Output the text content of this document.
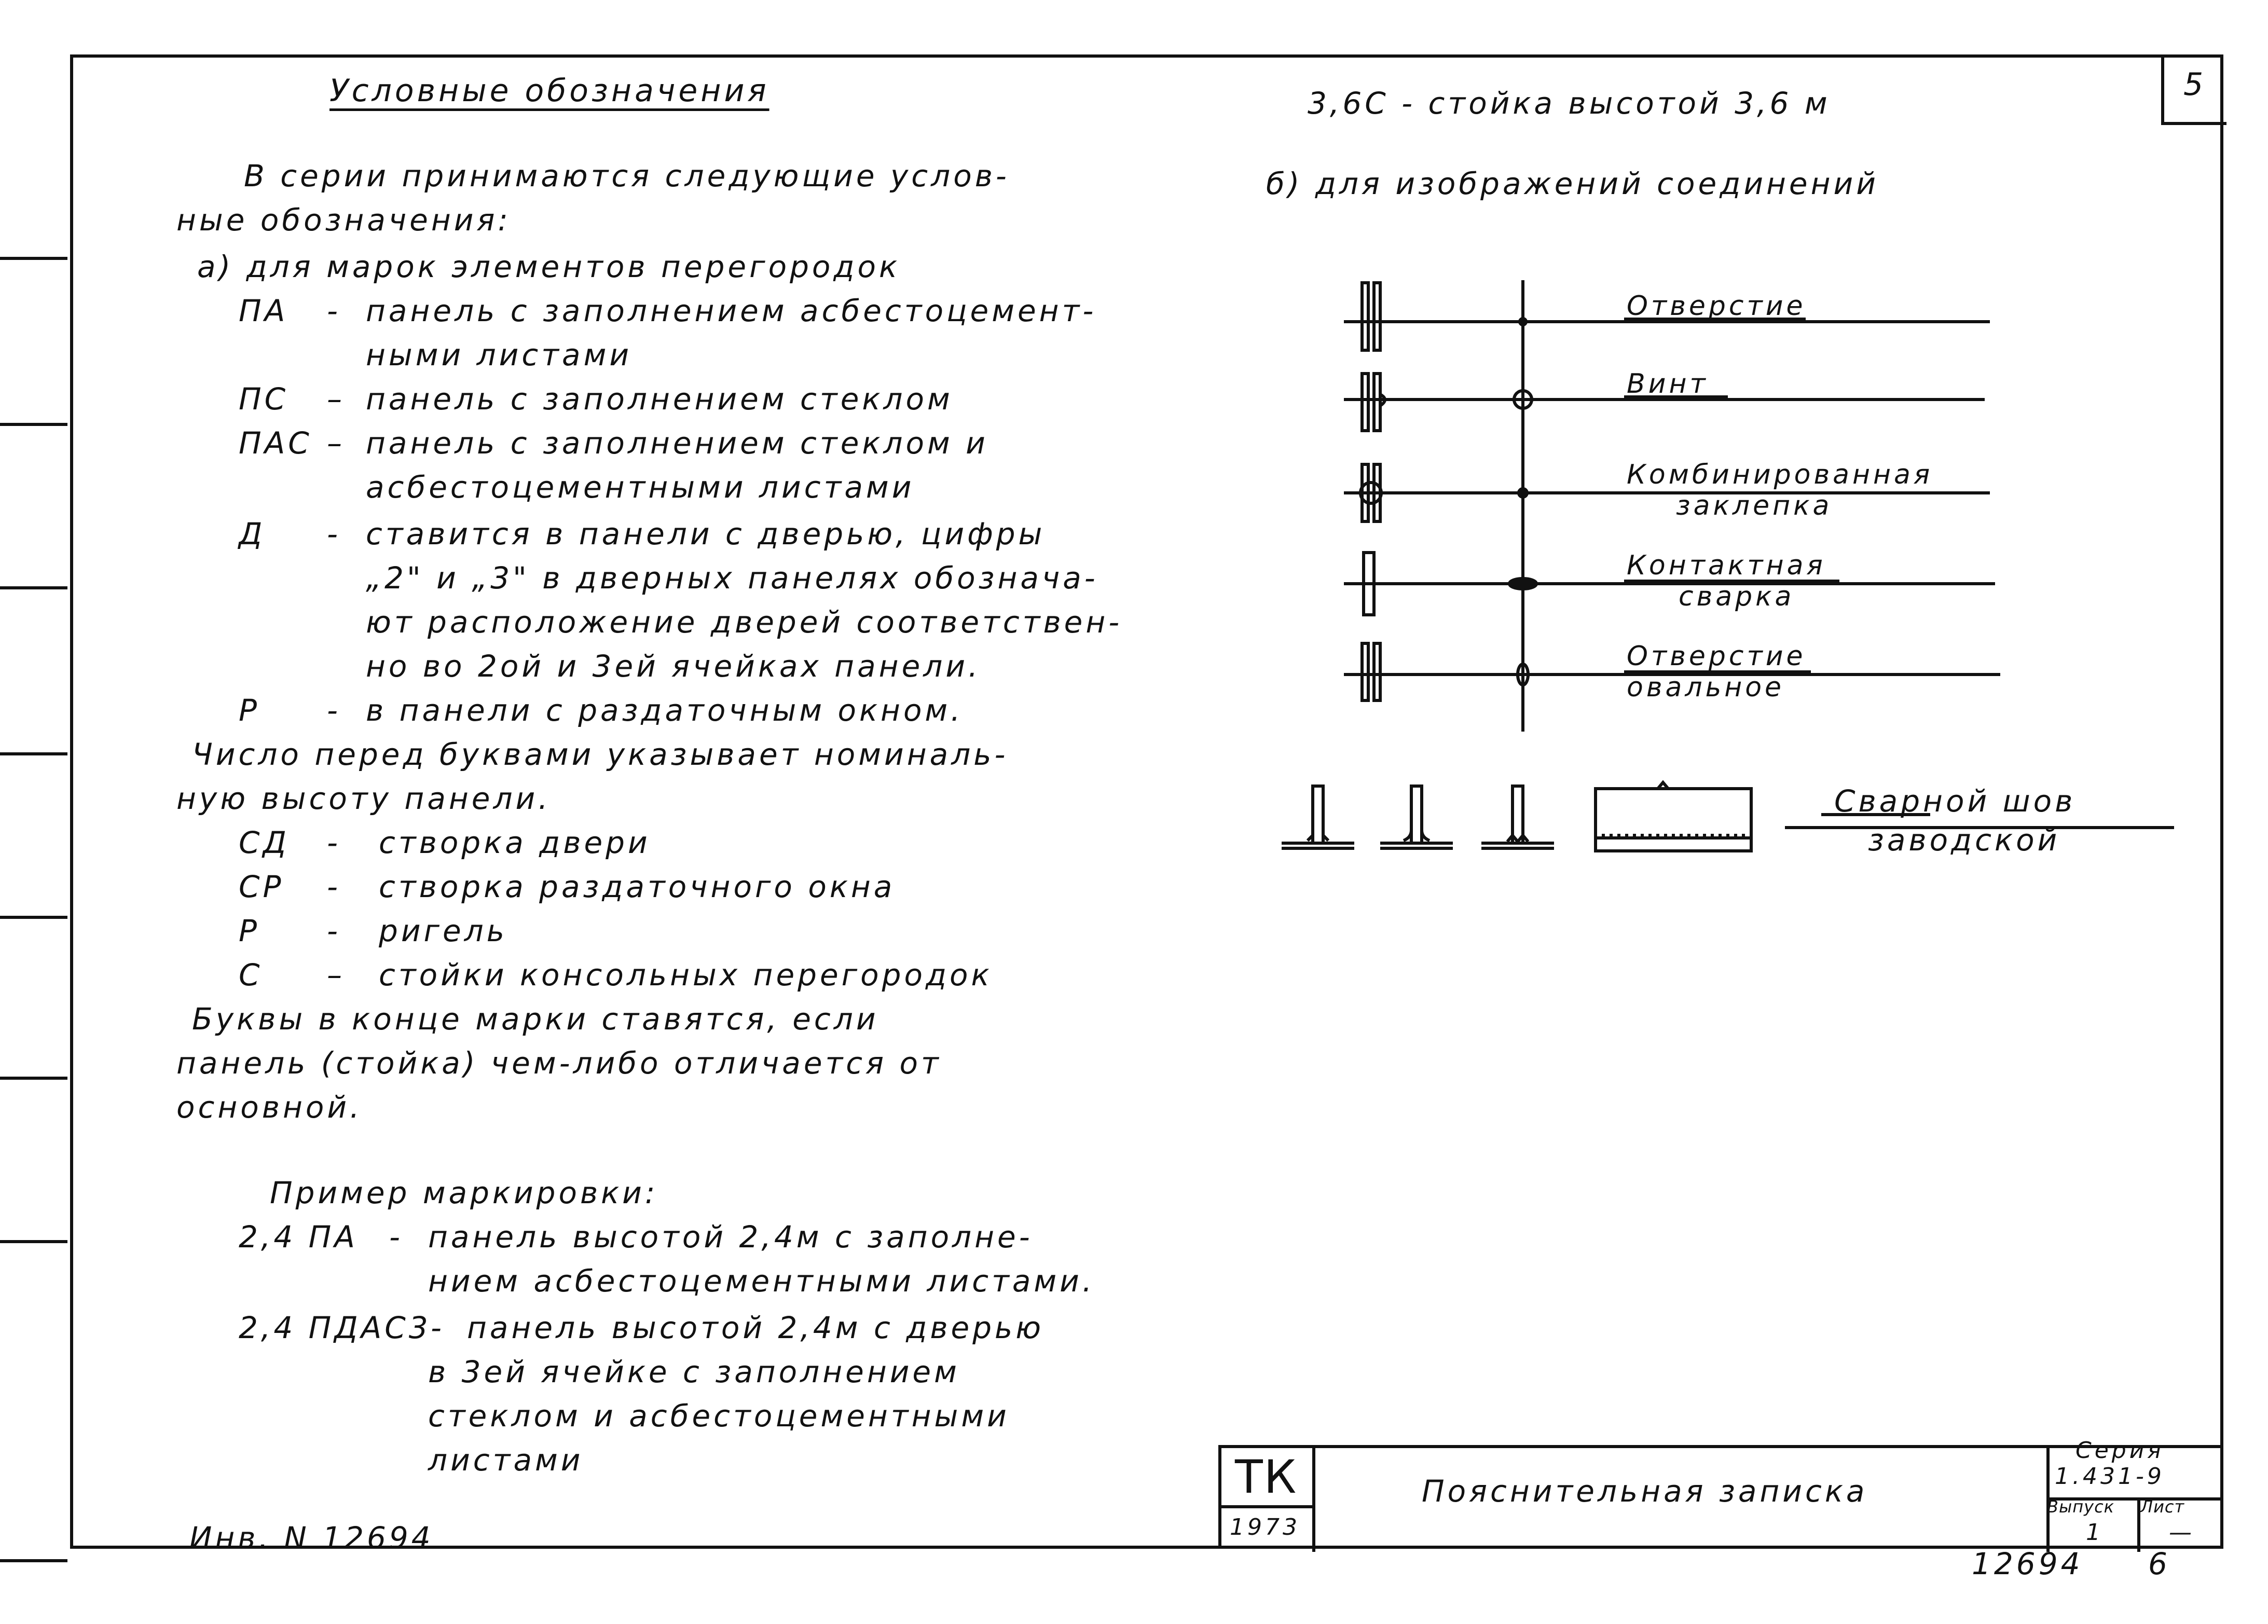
Условные обозначения
В серии принимаются следующие услов-
ные обозначения:
а) для марок элементов перегородок
ПА - панель с заполнением асбестоцемент-
ными листами
ПС – панель с заполнением стеклом
ПАС – панель с заполнением стеклом и
асбестоцементными листами
Д - ставится в панели с дверью, цифры
„2" и „3" в дверных панелях обознача-
ют расположение дверей соответствен-
но во 2ой и 3ей ячейках панели.
Р - в панели с раздаточным окном.
Число перед буквами указывает номиналь-
ную высоту панели.
СД - створка двери
СР - створка раздаточного окна
Р - ригель
С – стойки консольных перегородок
Буквы в конце марки ставятся, если
панель (стойка) чем-либо отличается от
основной.
Пример маркировки:
2,4 ПА - панель высотой 2,4м с заполне-
нием асбестоцементными листами.
2,4 ПДАС3 - панель высотой 2,4м с дверью
в 3ей ячейке с заполнением
стеклом и асбестоцементными
листами
Инв. N 12694
5
3,6С - стойка высотой 3,6 м
б) для изображений соединений
Отверстие
Винт
Комбинированная
заклепка
Контактная
сварка
Отверстие
овальное
Сварной шов
заводской
ТК
1973
Пояснительная записка
Серия
1.431-9
Выпуск Лист
1	—
12694 6
